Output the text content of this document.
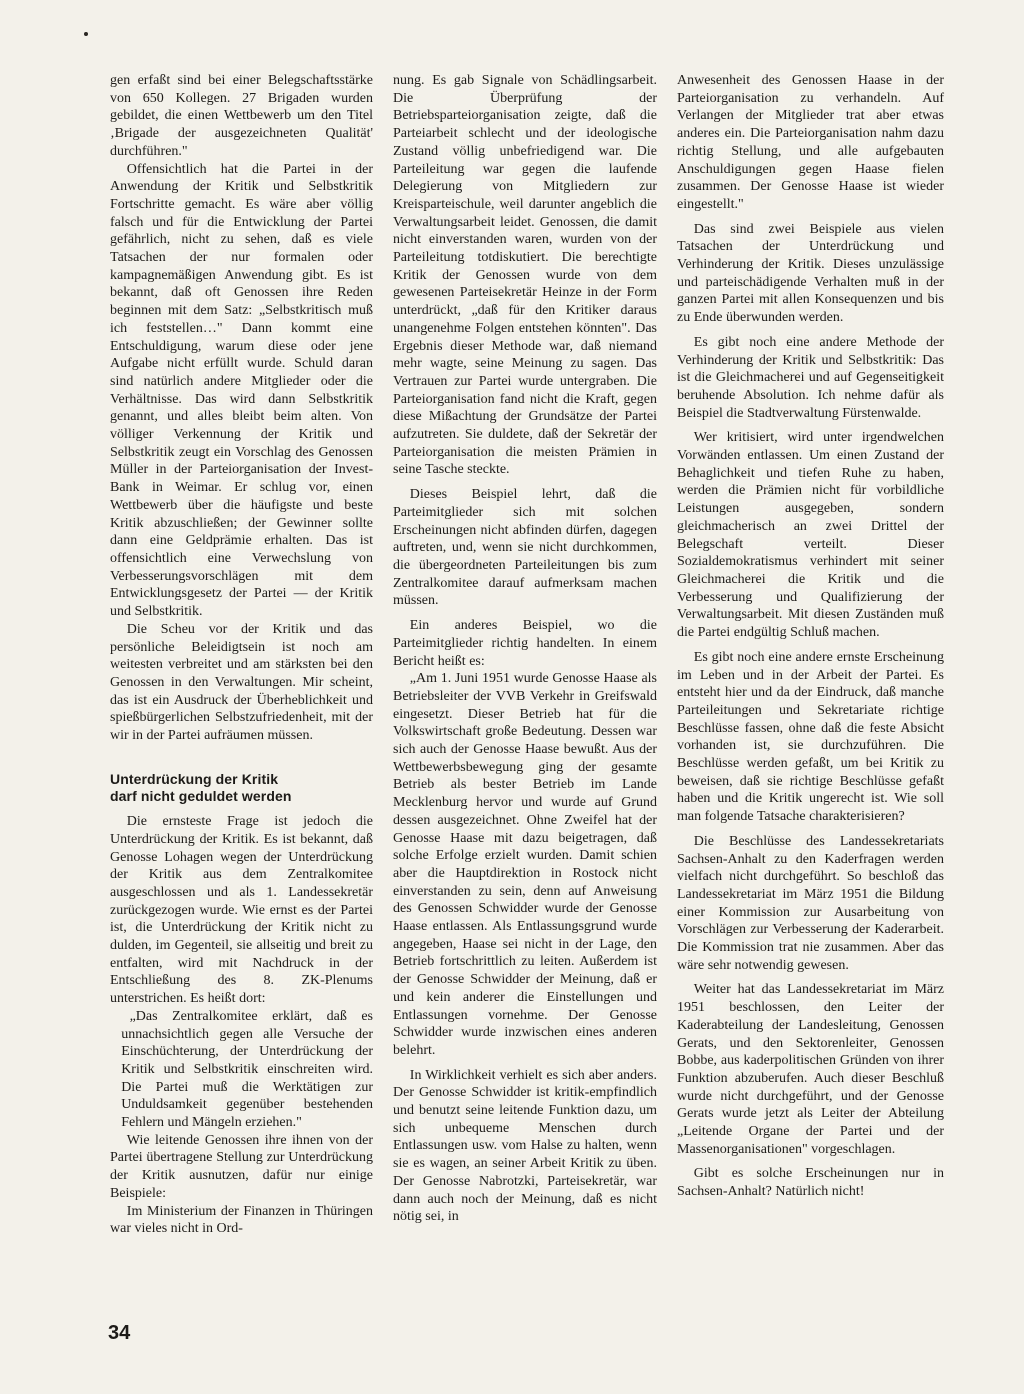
gen erfaßt sind bei einer Belegschaftsstärke von 650 Kollegen. 27 Brigaden wurden gebildet, die einen Wettbewerb um den Titel ‚Brigade der ausgezeichneten Qualität' durchführen."

Offensichtlich hat die Partei in der Anwendung der Kritik und Selbstkritik Fortschritte gemacht. Es wäre aber völlig falsch und für die Entwicklung der Partei gefährlich, nicht zu sehen, daß es viele Tatsachen der nur formalen oder kampagnemäßigen Anwendung gibt. Es ist bekannt, daß oft Genossen ihre Reden beginnen mit dem Satz: „Selbstkritisch muß ich feststellen…" Dann kommt eine Entschuldigung, warum diese oder jene Aufgabe nicht erfüllt wurde. Schuld daran sind natürlich andere Mitglieder oder die Verhältnisse. Das wird dann Selbstkritik genannt, und alles bleibt beim alten. Von völliger Verkennung der Kritik und Selbstkritik zeugt ein Vorschlag des Genossen Müller in der Parteiorganisation der Invest-Bank in Weimar. Er schlug vor, einen Wettbewerb über die häufigste und beste Kritik abzuschließen; der Gewinner sollte dann eine Geldprämie erhalten. Das ist offensichtlich eine Verwechslung von Verbesserungsvorschlägen mit dem Entwicklungsgesetz der Partei — der Kritik und Selbstkritik.

Die Scheu vor der Kritik und das persönliche Beleidigtsein ist noch am weitesten verbreitet und am stärksten bei den Genossen in den Verwaltungen. Mir scheint, das ist ein Ausdruck der Überheblichkeit und spießbürgerlichen Selbstzufriedenheit, mit der wir in der Partei aufräumen müssen.

Unterdrückung der Kritik
darf nicht geduldet werden

Die ernsteste Frage ist jedoch die Unterdrückung der Kritik. Es ist bekannt, daß Genosse Lohagen wegen der Unterdrückung der Kritik aus dem Zentralkomitee ausgeschlossen und als 1. Landessekretär zurückgezogen wurde. Wie ernst es der Partei ist, die Unterdrückung der Kritik nicht zu dulden, im Gegenteil, sie allseitig und breit zu entfalten, wird mit Nachdruck in der Entschließung des 8. ZK-Plenums unterstrichen. Es heißt dort:

„Das Zentralkomitee erklärt, daß es unnachsichtlich gegen alle Versuche der Einschüchterung, der Unterdrückung der Kritik und Selbstkritik einschreiten wird. Die Partei muß die Werktätigen zur Unduldsamkeit gegenüber bestehenden Fehlern und Mängeln erziehen."

Wie leitende Genossen ihre ihnen von der Partei übertragene Stellung zur Unterdrückung der Kritik ausnutzen, dafür nur einige Beispiele:

Im Ministerium der Finanzen in Thüringen war vieles nicht in Ord-

nung. Es gab Signale von Schädlingsarbeit. Die Überprüfung der Betriebsparteiorganisation zeigte, daß die Parteiarbeit schlecht und der ideologische Zustand völlig unbefriedigend war. Die Parteileitung war gegen die laufende Delegierung von Mitgliedern zur Kreisparteischule, weil darunter angeblich die Verwaltungsarbeit leidet. Genossen, die damit nicht einverstanden waren, wurden von der Parteileitung totdiskutiert. Die berechtigte Kritik der Genossen wurde von dem gewesenen Parteisekretär Heinze in der Form unterdrückt, „daß für den Kritiker daraus unangenehme Folgen entstehen könnten". Das Ergebnis dieser Methode war, daß niemand mehr wagte, seine Meinung zu sagen. Das Vertrauen zur Partei wurde untergraben. Die Parteiorganisation fand nicht die Kraft, gegen diese Mißachtung der Grundsätze der Partei aufzutreten. Sie duldete, daß der Sekretär der Parteiorganisation die meisten Prämien in seine Tasche steckte.

Dieses Beispiel lehrt, daß die Parteimitglieder sich mit solchen Erscheinungen nicht abfinden dürfen, dagegen auftreten, und, wenn sie nicht durchkommen, die übergeordneten Parteileitungen bis zum Zentralkomitee darauf aufmerksam machen müssen.

Ein anderes Beispiel, wo die Parteimitglieder richtig handelten. In einem Bericht heißt es:

„Am 1. Juni 1951 wurde Genosse Haase als Betriebsleiter der VVB Verkehr in Greifswald eingesetzt. Dieser Betrieb hat für die Volkswirtschaft große Bedeutung. Dessen war sich auch der Genosse Haase bewußt. Aus der Wettbewerbsbewegung ging der gesamte Betrieb als bester Betrieb im Lande Mecklenburg hervor und wurde auf Grund dessen ausgezeichnet. Ohne Zweifel hat der Genosse Haase mit dazu beigetragen, daß solche Erfolge erzielt wurden. Damit schien aber die Hauptdirektion in Rostock nicht einverstanden zu sein, denn auf Anweisung des Genossen Schwidder wurde der Genosse Haase entlassen. Als Entlassungsgrund wurde angegeben, Haase sei nicht in der Lage, den Betrieb fortschrittlich zu leiten. Außerdem ist der Genosse Schwidder der Meinung, daß er und kein anderer die Einstellungen und Entlassungen vornehme. Der Genosse Schwidder wurde inzwischen eines anderen belehrt.

In Wirklichkeit verhielt es sich aber anders. Der Genosse Schwidder ist kritik-empfindlich und benutzt seine leitende Funktion dazu, um sich unbequeme Menschen durch Entlassungen usw. vom Halse zu halten, wenn sie es wagen, an seiner Arbeit Kritik zu üben. Der Genosse Nabrotzki, Parteisekretär, war dann auch noch der Meinung, daß es nicht nötig sei, in

Anwesenheit des Genossen Haase in der Parteiorganisation zu verhandeln. Auf Verlangen der Mitglieder trat aber etwas anderes ein. Die Parteiorganisation nahm dazu richtig Stellung, und alle aufgebauten Anschuldigungen gegen Haase fielen zusammen. Der Genosse Haase ist wieder eingestellt."

Das sind zwei Beispiele aus vielen Tatsachen der Unterdrückung und Verhinderung der Kritik. Dieses unzulässige und parteischädigende Verhalten muß in der ganzen Partei mit allen Konsequenzen und bis zu Ende überwunden werden.

Es gibt noch eine andere Methode der Verhinderung der Kritik und Selbstkritik: Das ist die Gleichmacherei und auf Gegenseitigkeit beruhende Absolution. Ich nehme dafür als Beispiel die Stadtverwaltung Fürstenwalde.

Wer kritisiert, wird unter irgendwelchen Vorwänden entlassen. Um einen Zustand der Behaglichkeit und tiefen Ruhe zu haben, werden die Prämien nicht für vorbildliche Leistungen ausgegeben, sondern gleichmacherisch an zwei Drittel der Belegschaft verteilt. Dieser Sozialdemokratismus verhindert mit seiner Gleichmacherei die Kritik und die Verbesserung und Qualifizierung der Verwaltungsarbeit. Mit diesen Zuständen muß die Partei endgültig Schluß machen.

Es gibt noch eine andere ernste Erscheinung im Leben und in der Arbeit der Partei. Es entsteht hier und da der Eindruck, daß manche Parteileitungen und Sekretariate richtige Beschlüsse fassen, ohne daß die feste Absicht vorhanden ist, sie durchzuführen. Die Beschlüsse werden gefaßt, um bei Kritik zu beweisen, daß sie richtige Beschlüsse gefaßt haben und die Kritik ungerecht ist. Wie soll man folgende Tatsache charakterisieren?

Die Beschlüsse des Landessekretariats Sachsen-Anhalt zu den Kaderfragen werden vielfach nicht durchgeführt. So beschloß das Landessekretariat im März 1951 die Bildung einer Kommission zur Ausarbeitung von Vorschlägen zur Verbesserung der Kaderarbeit. Die Kommission trat nie zusammen. Aber das wäre sehr notwendig gewesen.

Weiter hat das Landessekretariat im März 1951 beschlossen, den Leiter der Kaderabteilung der Landesleitung, Genossen Gerats, und den Sektorenleiter, Genossen Bobbe, aus kaderpolitischen Gründen von ihrer Funktion abzuberufen. Auch dieser Beschluß wurde nicht durchgeführt, und der Genosse Gerats wurde jetzt als Leiter der Abteilung „Leitende Organe der Partei und der Massenorganisationen" vorgeschlagen.

Gibt es solche Erscheinungen nur in Sachsen-Anhalt? Natürlich nicht!

34
